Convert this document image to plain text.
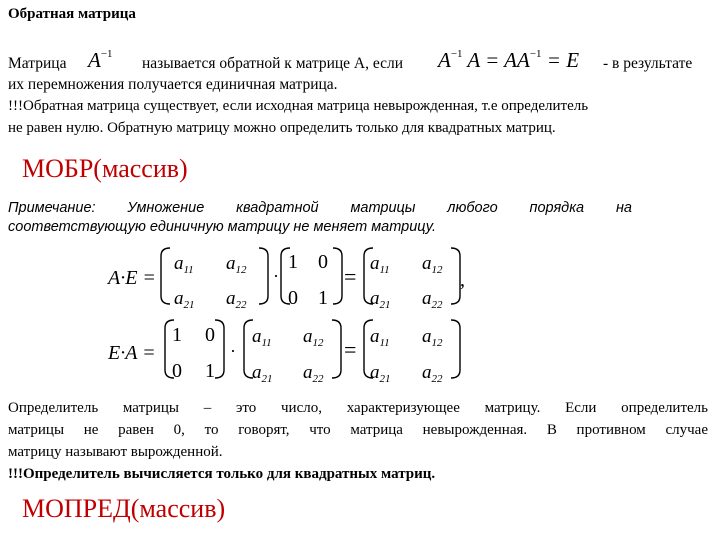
Обратная матрица
Матрица $A^{-1}$
называется обратной к матрице А, если $A^{-1}$ $A = AA^{-1} = E - в$ результате
их перемножения получается единичная матрица.
!!!Обратная матрица существует, если исходная матрица невырожденная, т.е определитель
не равен нулю. Обратную матрицу можно определить только для квадратных матриц.
МОБР(массив)
Примечание: Умножение квадратной матрицы любого порядка на
соответствующую единичную матрицу не меняет матрицу.
A·E =
$a_{11}$ $a_{12}$
$a_{21}$ $a_{22}$
·
1 0
0 1
=
$a_{11}$ $a_{12}$
$a_{21}$ $a_{22}$
,
E·A =
1 0
0 1
·
$a_{11}$ $a_{12}$
$a_{21}$ $a_{22}$
=
$a_{11}$ $a_{12}$
$a_{21}$ $a_{22}$
Определитель матрицы – это число, характеризующее матрицу. Если определитель
матрицы не равен 0, то говорят, что матрица невырожденная. В противном случае
матрицу называют вырожденной.
!!!Определитель вычисляется только для квадратных матриц.
МОПРЕД(массив)
